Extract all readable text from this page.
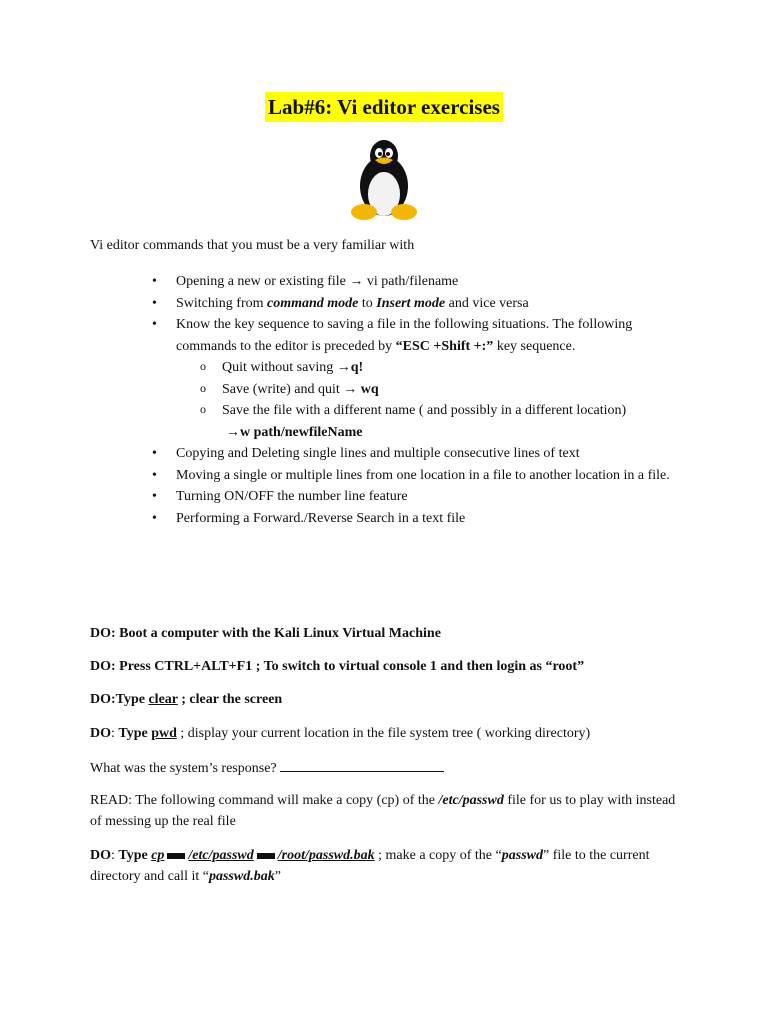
Lab#6: Vi editor exercises
Vi editor commands that you must be a very familiar with
• Opening a new or existing file → vi path/filename
• Switching from command mode to Insert mode and vice versa
• Know the key sequence to saving a file in the following situations. The following commands to the editor is preceded by “ESC +Shift +:” key sequence.
o Quit without saving →q!
o Save (write) and quit → wq
o Save the file with a different name ( and possibly in a different location)
→w path/newfileName
• Copying and Deleting single lines and multiple consecutive lines of text
• Moving a single or multiple lines from one location in a file to another location in a file.
• Turning ON/OFF the number line feature
• Performing a Forward./Reverse Search in a text file
DO: Boot a computer with the Kali Linux Virtual Machine
DO: Press CTRL+ALT+F1 ; To switch to virtual console 1 and then login as “root”
DO:Type clear ; clear the screen
DO: Type pwd ; display your current location in the file system tree ( working directory)
What was the system’s response?
READ: The following command will make a copy (cp) of the /etc/passwd file for us to play with instead of messing up the real file
DO: Type cp /etc/passwd /root/passwd.bak ; make a copy of the “passwd” file to the current directory and call it “passwd.bak”
